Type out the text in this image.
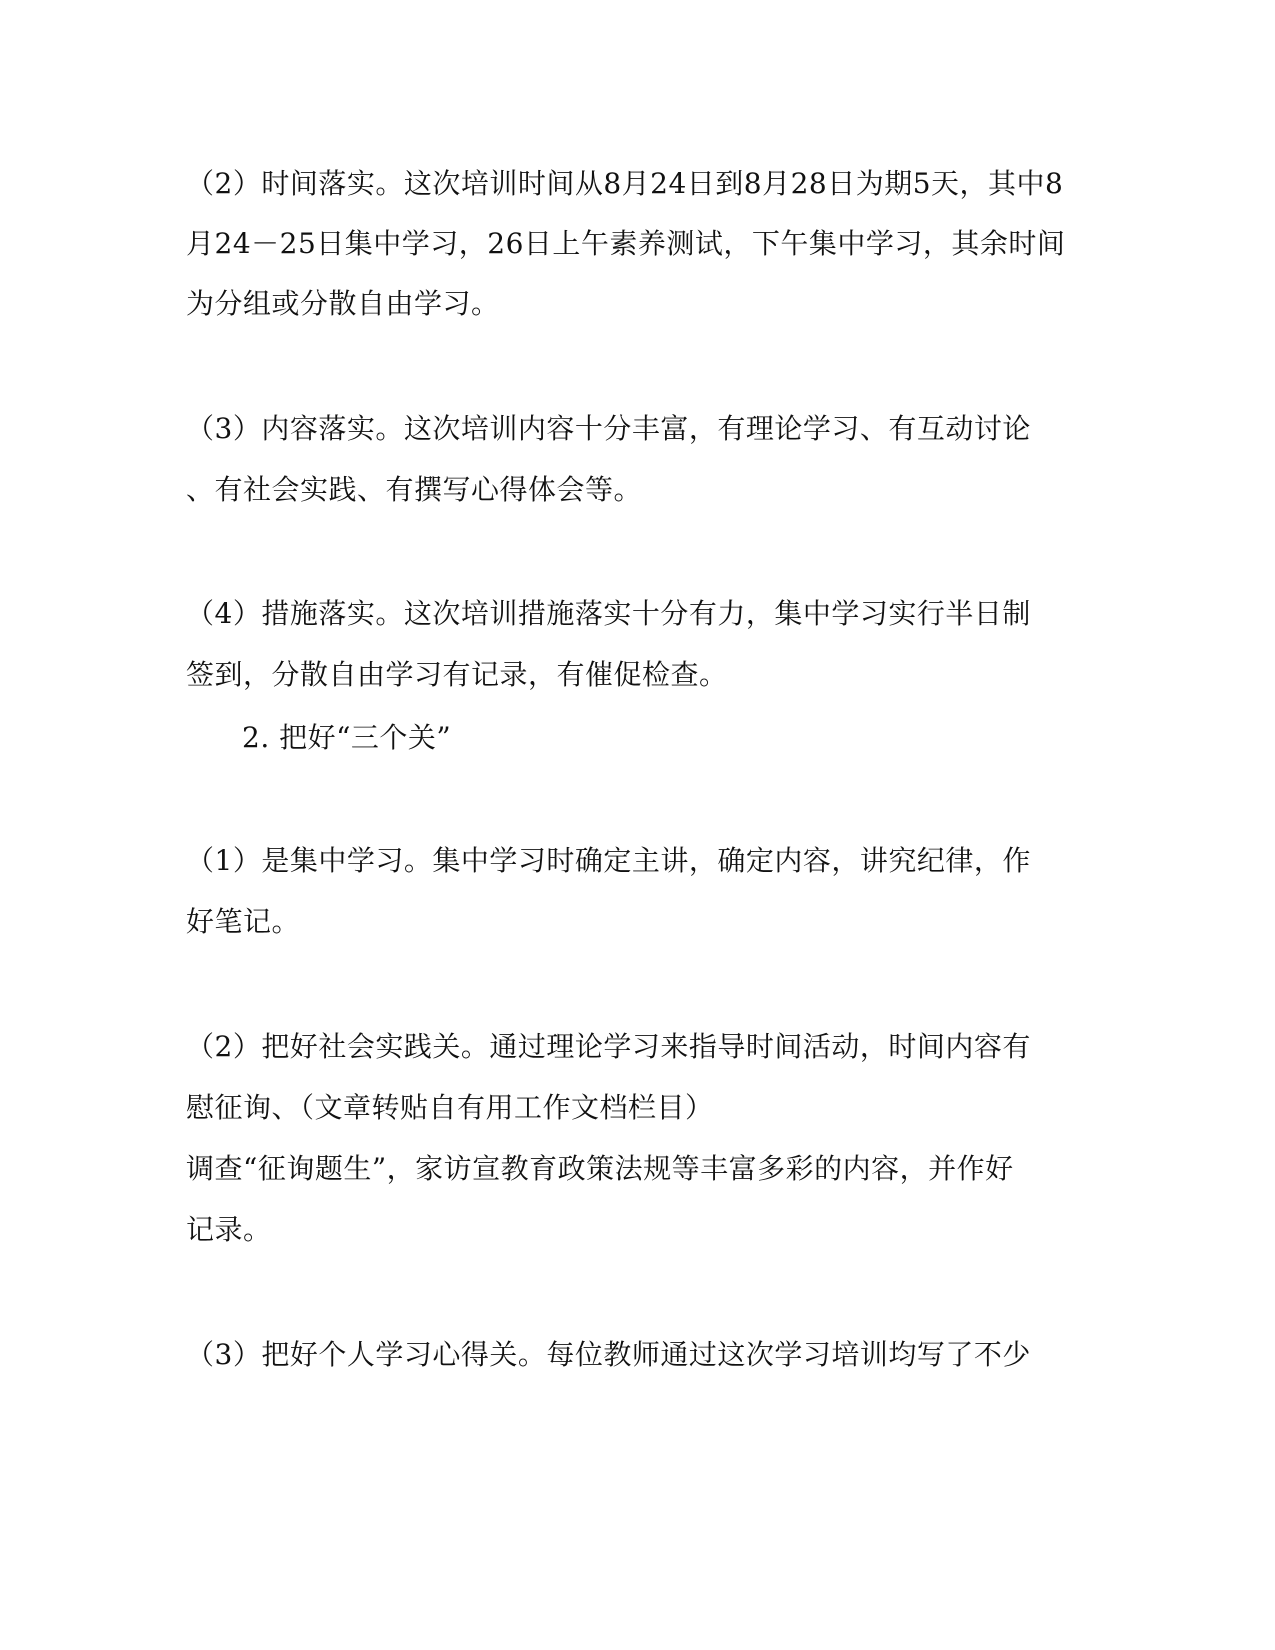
（2）时间落实。这次培训时间从8月24日到8月28日为期5天，其中8
月24－25日集中学习，26日上午素养测试，下午集中学习，其余时间
为分组或分散自由学习。
（3）内容落实。这次培训内容十分丰富，有理论学习、有互动讨论
、有社会实践、有撰写心得体会等。
（4）措施落实。这次培训措施落实十分有力，集中学习实行半日制
签到，分散自由学习有记录，有催促检查。
2. 把好“三个关”
（1）是集中学习。集中学习时确定主讲，确定内容，讲究纪律，作
好笔记。
（2）把好社会实践关。通过理论学习来指导时间活动，时间内容有
慰征询、（文章转贴自有用工作文档栏目）
调查“征询题生”，家访宣教育政策法规等丰富多彩的内容，并作好
记录。
（3）把好个人学习心得关。每位教师通过这次学习培训均写了不少
